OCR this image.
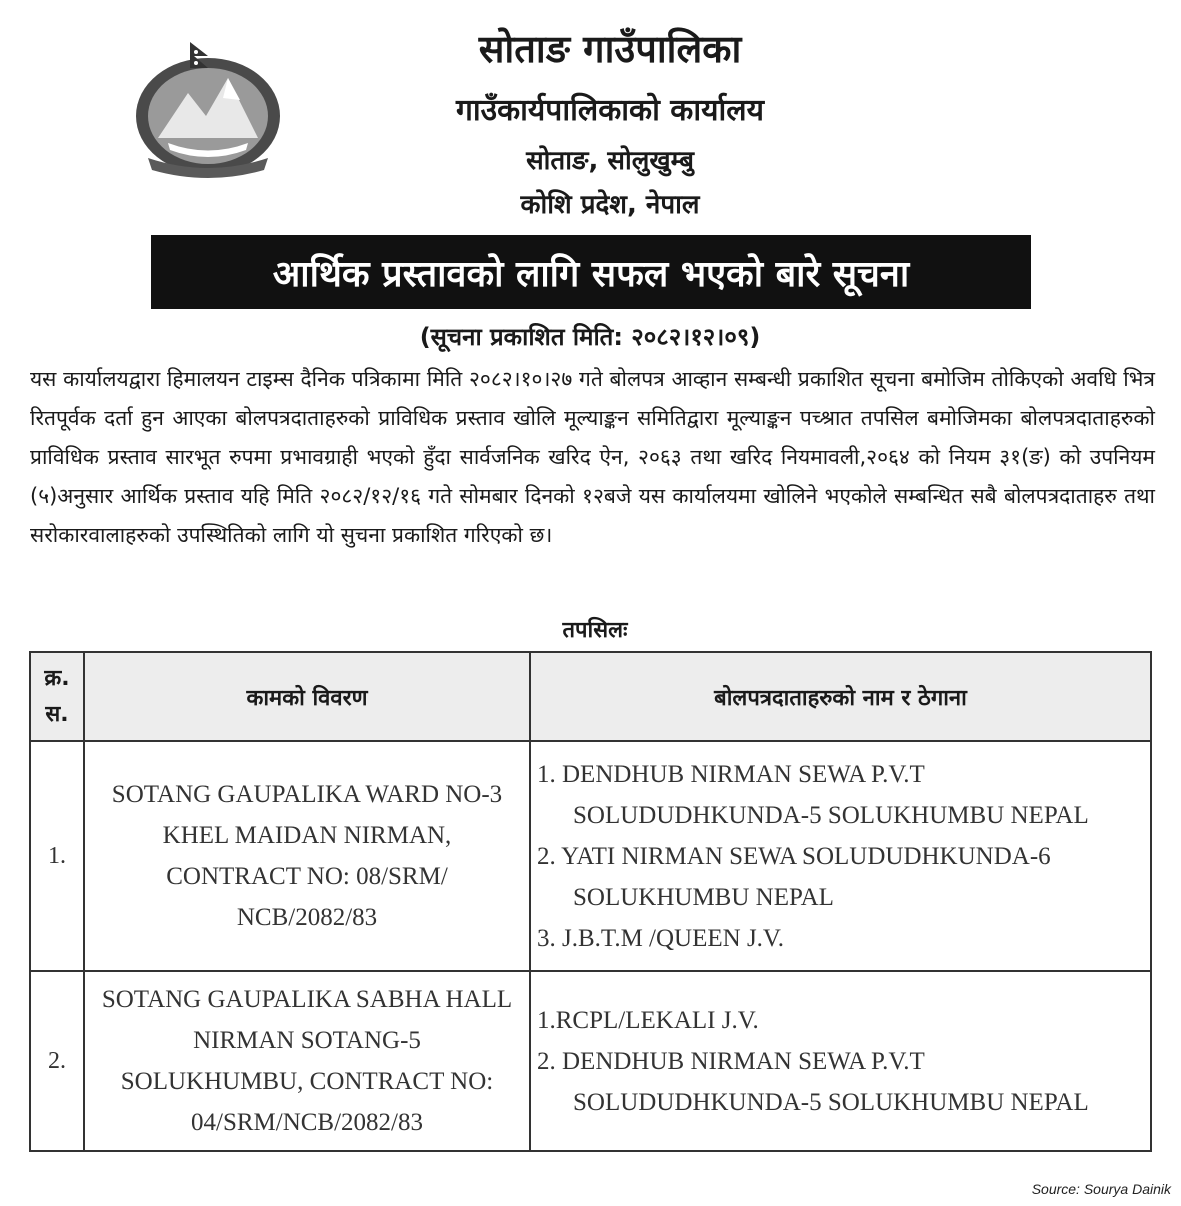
सोताङ गाउँपालिका
गाउँकार्यपालिकाको कार्यालय
सोताङ, सोलुखुम्बु
कोशि प्रदेश, नेपाल
आर्थिक प्रस्तावको लागि सफल भएको बारे सूचना
(सूचना प्रकाशित मिति: २०८२।१२।०९)

यस कार्यालयद्वारा हिमालयन टाइम्स दैनिक पत्रिकामा मिति २०८२।१०।२७ गते बोलपत्र आव्हान सम्बन्धी प्रकाशित सूचना बमोजिम तोकिएको अवधि भित्र रितपूर्वक दर्ता हुन आएका बोलपत्रदाताहरुको प्राविधिक प्रस्ताव खोलि मूल्याङ्कन समितिद्वारा मूल्याङ्कन पच्श्रात तपसिल बमोजिमका बोलपत्रदाताहरुको प्राविधिक प्रस्ताव सारभूत रुपमा प्रभावग्राही भएको हुँदा सार्वजनिक खरिद ऐन, २०६३ तथा खरिद नियमावली,२०६४ को नियम ३१(ङ) को उपनियम (५)अनुसार आर्थिक प्रस्ताव यहि मिति २०८२/१२/१६ गते सोमबार दिनको १२बजे यस कार्यालयमा खोलिने भएकोले सम्बन्धित सबै बोलपत्रदाताहरु तथा सरोकारवालाहरुको उपस्थितिको लागि यो सुचना प्रकाशित गरिएको छ।

तपसिलः
क्र.
स.	कामको विवरण	बोलपत्रदाताहरुको नाम र ठेगाना
1.	SOTANG GAUPALIKA WARD NO-3 KHEL MAIDAN NIRMAN, CONTRACT NO: 08/SRM/ NCB/2082/83	1. DENDHUB NIRMAN SEWA P.V.T
SOLUDUDHKUNDA-5 SOLUKHUMBU NEPAL
2. YATI NIRMAN SEWA SOLUDUDHKUNDA-6
SOLUKHUMBU NEPAL
3. J.B.T.M /QUEEN J.V.

2.	SOTANG GAUPALIKA SABHA HALL NIRMAN SOTANG-5 SOLUKHUMBU, CONTRACT NO: 04/SRM/NCB/2082/83	1.RCPL/LEKALI J.V.
2. DENDHUB NIRMAN SEWA P.V.T
SOLUDUDHKUNDA-5 SOLUKHUMBU NEPAL
Source: Sourya Dainik
